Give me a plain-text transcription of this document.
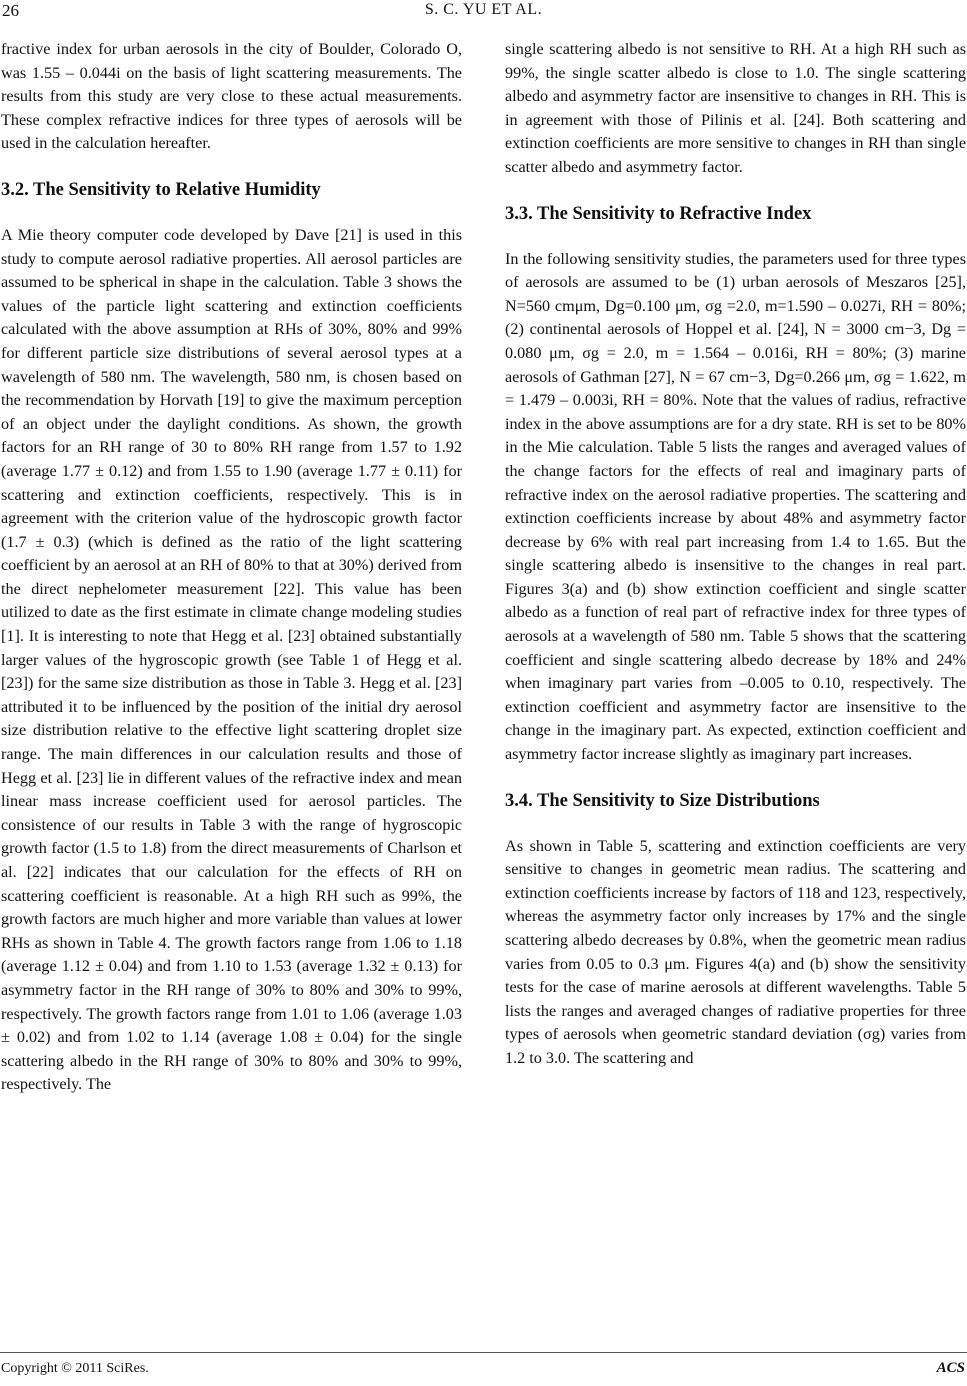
26	S. C. YU ET AL.

fractive index for urban aerosols in the city of Boulder, Colorado O, was 1.55 – 0.044i on the basis of light scattering measurements. The results from this study are very close to these actual measurements. These complex refractive indices for three types of aerosols will be used in the calculation hereafter.

3.2. The Sensitivity to Relative Humidity

A Mie theory computer code developed by Dave [21] is used in this study to compute aerosol radiative properties. All aerosol particles are assumed to be spherical in shape in the calculation. Table 3 shows the values of the particle light scattering and extinction coefficients calculated with the above assumption at RHs of 30%, 80% and 99% for different particle size distributions of several aerosol types at a wavelength of 580 nm. The wavelength, 580 nm, is chosen based on the recommendation by Horvath [19] to give the maximum perception of an object under the daylight conditions. As shown, the growth factors for an RH range of 30 to 80% RH range from 1.57 to 1.92 (average 1.77 ± 0.12) and from 1.55 to 1.90 (average 1.77 ± 0.11) for scattering and extinction coefficients, respectively. This is in agreement with the criterion value of the hydroscopic growth factor (1.7 ± 0.3) (which is defined as the ratio of the light scattering coefficient by an aerosol at an RH of 80% to that at 30%) derived from the direct nephelometer measurement [22]. This value has been utilized to date as the first estimate in climate change modeling studies [1]. It is interesting to note that Hegg et al. [23] obtained substantially larger values of the hygroscopic growth (see Table 1 of Hegg et al. [23]) for the same size distribution as those in Table 3. Hegg et al. [23] attributed it to be influenced by the position of the initial dry aerosol size distribution relative to the effective light scattering droplet size range. The main differences in our calculation results and those of Hegg et al. [23] lie in different values of the refractive index and mean linear mass increase coefficient used for aerosol particles. The consistence of our results in Table 3 with the range of hygroscopic growth factor (1.5 to 1.8) from the direct measurements of Charlson et al. [22] indicates that our calculation for the effects of RH on scattering coefficient is reasonable. At a high RH such as 99%, the growth factors are much higher and more variable than values at lower RHs as shown in Table 4. The growth factors range from 1.06 to 1.18 (average 1.12 ± 0.04) and from 1.10 to 1.53 (average 1.32 ± 0.13) for asymmetry factor in the RH range of 30% to 80% and 30% to 99%, respectively. The growth factors range from 1.01 to 1.06 (average 1.03 ± 0.02) and from 1.02 to 1.14 (average 1.08 ± 0.04) for the single scattering albedo in the RH range of 30% to 80% and 30% to 99%, respectively. The

single scattering albedo is not sensitive to RH. At a high RH such as 99%, the single scatter albedo is close to 1.0. The single scattering albedo and asymmetry factor are insensitive to changes in RH. This is in agreement with those of Pilinis et al. [24]. Both scattering and extinction coefficients are more sensitive to changes in RH than single scatter albedo and asymmetry factor.

3.3. The Sensitivity to Refractive Index

In the following sensitivity studies, the parameters used for three types of aerosols are assumed to be (1) urban aerosols of Meszaros [25], N=560 cmμm, Dg=0.100 μm, σg =2.0, m=1.590 – 0.027i, RH = 80%; (2) continental aerosols of Hoppel et al. [24], N = 3000 cm−3, Dg = 0.080 μm, σg = 2.0, m = 1.564 – 0.016i, RH = 80%; (3) marine aerosols of Gathman [27], N = 67 cm−3, Dg=0.266 μm, σg = 1.622, m = 1.479 – 0.003i, RH = 80%. Note that the values of radius, refractive index in the above assumptions are for a dry state. RH is set to be 80% in the Mie calculation. Table 5 lists the ranges and averaged values of the change factors for the effects of real and imaginary parts of refractive index on the aerosol radiative properties. The scattering and extinction coefficients increase by about 48% and asymmetry factor decrease by 6% with real part increasing from 1.4 to 1.65. But the single scattering albedo is insensitive to the changes in real part. Figures 3(a) and (b) show extinction coefficient and single scatter albedo as a function of real part of refractive index for three types of aerosols at a wavelength of 580 nm. Table 5 shows that the scattering coefficient and single scattering albedo decrease by 18% and 24% when imaginary part varies from –0.005 to 0.10, respectively. The extinction coefficient and asymmetry factor are insensitive to the change in the imaginary part. As expected, extinction coefficient and asymmetry factor increase slightly as imaginary part increases.

3.4. The Sensitivity to Size Distributions

As shown in Table 5, scattering and extinction coefficients are very sensitive to changes in geometric mean radius. The scattering and extinction coefficients increase by factors of 118 and 123, respectively, whereas the asymmetry factor only increases by 17% and the single scattering albedo decreases by 0.8%, when the geometric mean radius varies from 0.05 to 0.3 μm. Figures 4(a) and (b) show the sensitivity tests for the case of marine aerosols at different wavelengths. Table 5 lists the ranges and averaged changes of radiative properties for three types of aerosols when geometric standard deviation (σg) varies from 1.2 to 3.0. The scattering and

Copyright © 2011 SciRes.	ACS
